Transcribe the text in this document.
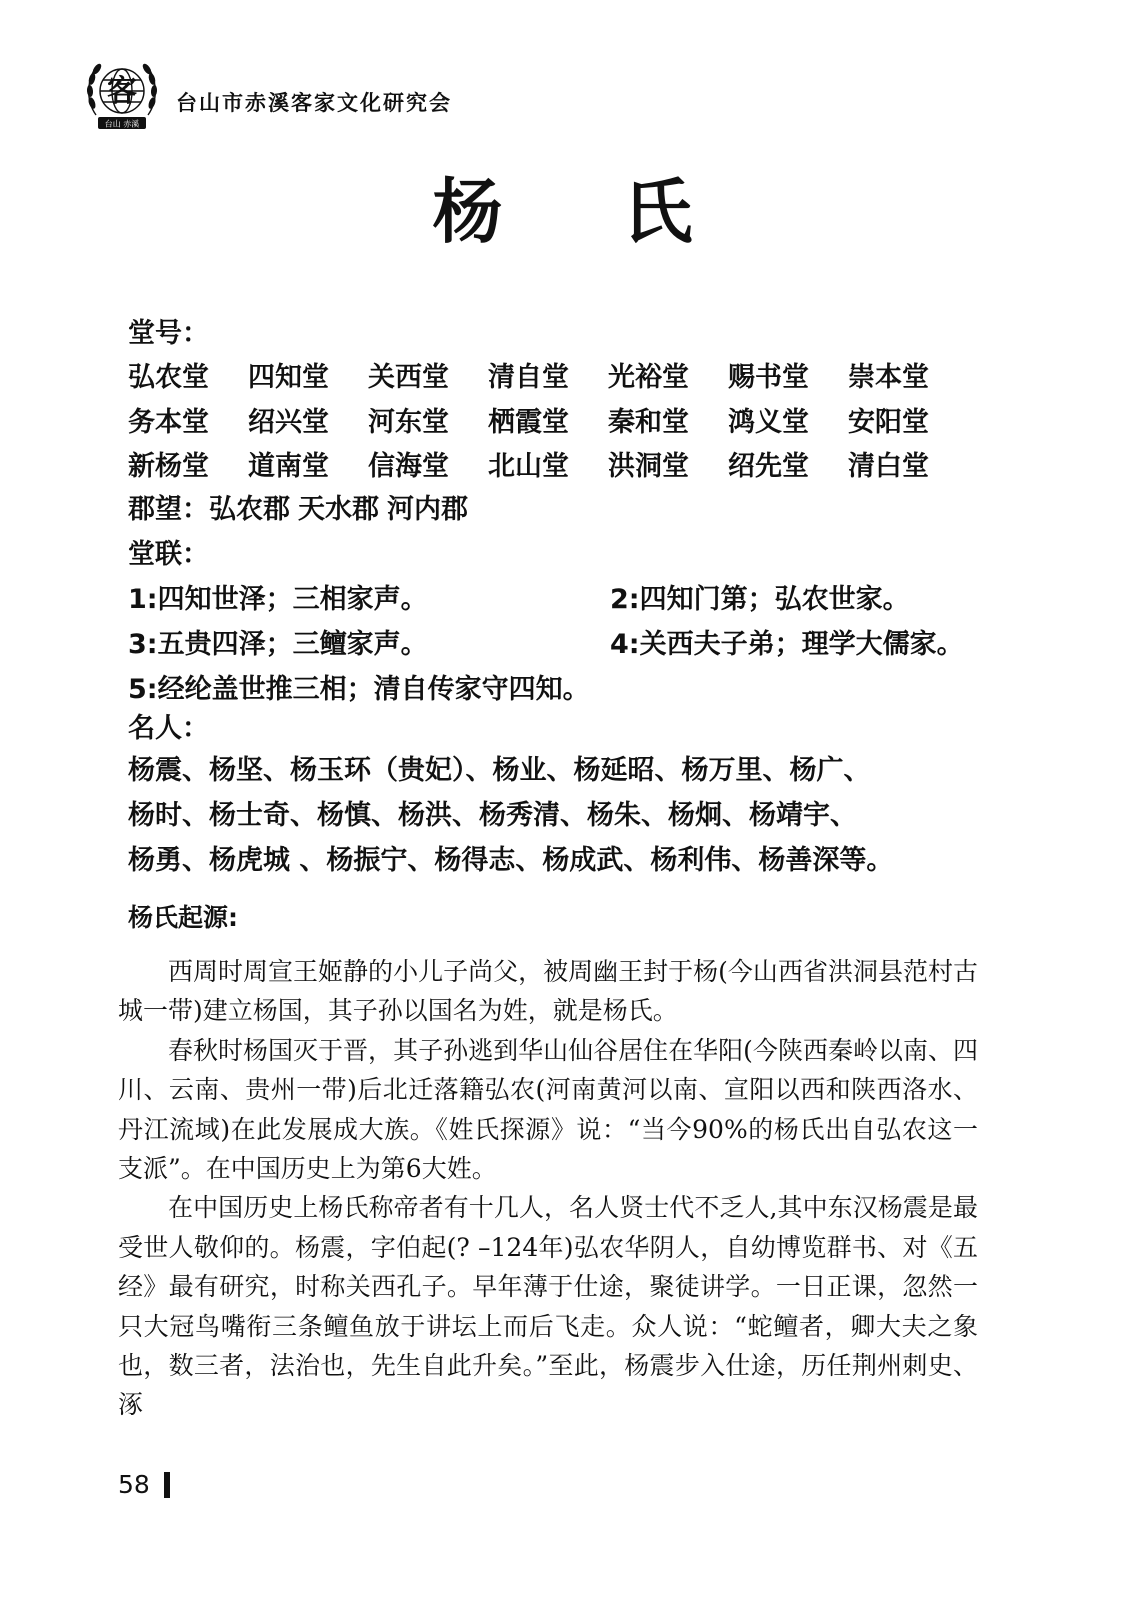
客
台山 赤溪
台山市赤溪客家文化研究会
杨 氏
堂号：
弘农堂	四知堂	关西堂	清自堂	光裕堂	赐书堂	崇本堂
务本堂	绍兴堂	河东堂	栖霞堂	秦和堂	鸿义堂	安阳堂
新杨堂	道南堂	信海堂	北山堂	洪洞堂	绍先堂	清白堂
郡望： 弘农郡 天水郡 河内郡
堂联：
1:四知世泽；三相家声。	2:四知门第；弘农世家。
3:五贵四泽；三鳣家声。	4:关西夫子弟；理学大儒家。
5:经纶盖世推三相；清自传家守四知。
名人：

杨震、杨坚、杨玉环（贵妃）、杨业、杨延昭、杨万里、杨广、

杨时、杨士奇、杨慎、杨洪、杨秀清、杨朱、杨炯、杨靖宇、

杨勇、杨虎城 、杨振宁、杨得志、杨成武、杨利伟、杨善深等。

杨氏起源:

西周时周宣王姬静的小儿子尚父，被周幽王封于杨(今山西省洪洞县范村古城一带)建立杨国，其子孙以国名为姓，就是杨氏。

春秋时杨国灭于晋，其子孙逃到华山仙谷居住在华阳(今陕西秦岭以南、四川、云南、贵州一带)后北迁落籍弘农(河南黄河以南、宣阳以西和陕西洛水、丹江流域)在此发展成大族。《姓氏探源》说：“当今90%的杨氏出自弘农这一支派”。在中国历史上为第6大姓。

在中国历史上杨氏称帝者有十几人，名人贤士代不乏人,其中东汉杨震是最受世人敬仰的。杨震，字伯起(? –124年)弘农华阴人，自幼博览群书、对《五经》最有研究，时称关西孔子。早年薄于仕途，聚徒讲学。一日正课，忽然一只大冠鸟嘴衔三条鳣鱼放于讲坛上而后飞走。众人说：“蛇鳣者，卿大夫之象也，数三者，法治也，先生自此升矣。”至此，杨震步入仕途，历任荆州刺史、涿

58
